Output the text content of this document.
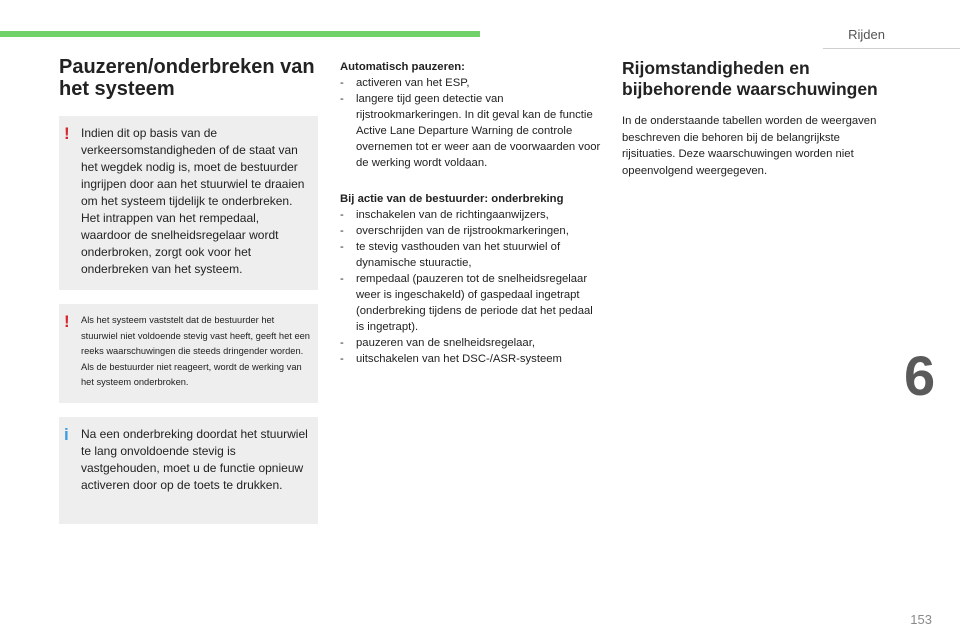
Rijden
6
153
Pauzeren/onderbreken van het systeem
! Indien dit op basis van de verkeersomstandigheden of de staat van het wegdek nodig is, moet de bestuurder ingrijpen door aan het stuurwiel te draaien om het systeem tijdelijk te onderbreken. Het intrappen van het rempedaal, waardoor de snelheidsregelaar wordt onderbroken, zorgt ook voor het onderbreken van het systeem.

! Als het systeem vaststelt dat de bestuurder het stuurwiel niet voldoende stevig vast heeft, geeft het een reeks waarschuwingen die steeds dringender worden. Als de bestuurder niet reageert, wordt de werking van het systeem onderbroken.

i Na een onderbreking doordat het stuurwiel te lang onvoldoende stevig is vastgehouden, moet u de functie opnieuw activeren door op de toets te drukken.

Automatisch pauzeren:
- activeren van het ESP,
- langere tijd geen detectie van rijstrookmarkeringen. In dit geval kan de functie Active Lane Departure Warning de controle overnemen tot er weer aan de voorwaarden voor de werking wordt voldaan.
Bij actie van de bestuurder: onderbreking
- inschakelen van de richtingaanwijzers,
- overschrijden van de rijstrookmarkeringen,
- te stevig vasthouden van het stuurwiel of dynamische stuuractie,
- rempedaal (pauzeren tot de snelheidsregelaar weer is ingeschakeld) of gaspedaal ingetrapt (onderbreking tijdens de periode dat het pedaal is ingetrapt).
- pauzeren van de snelheidsregelaar,
- uitschakelen van het DSC-/ASR-systeem
Rijomstandigheden en bijbehorende waarschuwingen

In de onderstaande tabellen worden de weergaven beschreven die behoren bij de belangrijkste rijsituaties. Deze waarschuwingen worden niet opeenvolgend weergegeven.
